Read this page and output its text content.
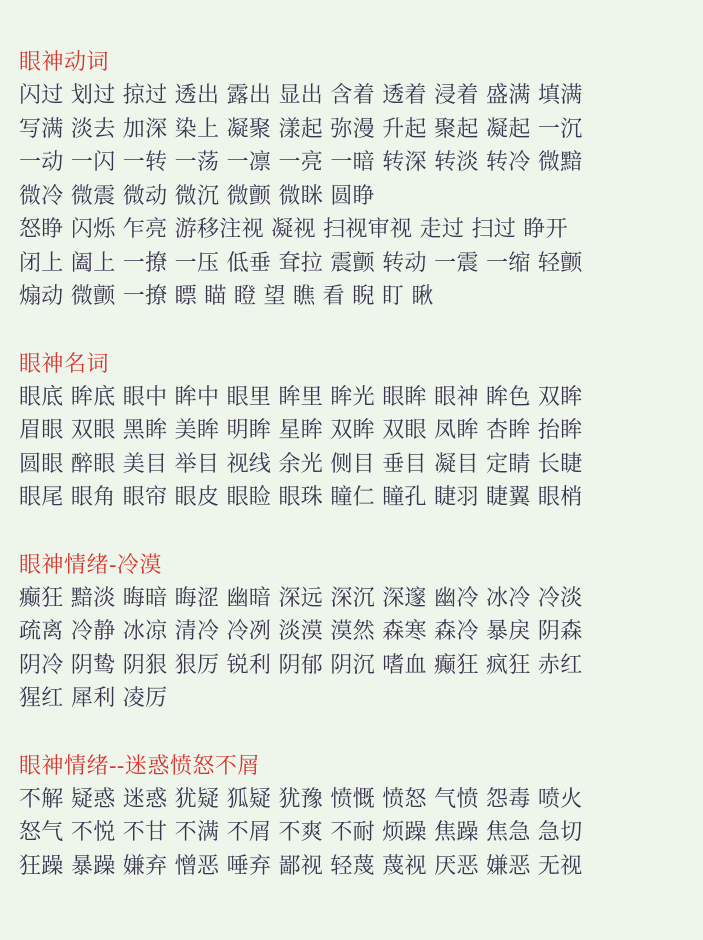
眼神动词
闪过 划过 掠过 透出 露出 显出 含着 透着 浸着 盛满 填满
写满 淡去 加深 染上 凝聚 漾起 弥漫 升起 聚起 凝起 一沉
一动 一闪 一转 一荡 一凛 一亮 一暗 转深 转淡 转冷 微黯
微冷 微震 微动 微沉 微颤 微眯 圆睁
怒睁 闪烁 乍亮 游移注视 凝视 扫视审视 走过 扫过 睁开
闭上 阖上 一撩 一压 低垂 耷拉 震颤 转动 一震 一缩 轻颤
煽动 微颤 一撩 瞟 瞄 瞪 望 瞧 看 睨 盯 瞅
眼神名词
眼底 眸底 眼中 眸中 眼里 眸里 眸光 眼眸 眼神 眸色 双眸
眉眼 双眼 黑眸 美眸 明眸 星眸 双眸 双眼 凤眸 杏眸 抬眸
圆眼 醉眼 美目 举目 视线 余光 侧目 垂目 凝目 定睛 长睫
眼尾 眼角 眼帘 眼皮 眼睑 眼珠 瞳仁 瞳孔 睫羽 睫翼 眼梢
眼神情绪-冷漠
癫狂 黯淡 晦暗 晦涩 幽暗 深远 深沉 深邃 幽冷 冰冷 冷淡
疏离 冷静 冰凉 清冷 冷冽 淡漠 漠然 森寒 森冷 暴戾 阴森
阴冷 阴鸷 阴狠 狠厉 锐利 阴郁 阴沉 嗜血 癫狂 疯狂 赤红
猩红 犀利 凌厉
眼神情绪--迷惑愤怒不屑
不解 疑惑 迷惑 犹疑 狐疑 犹豫 愤慨 愤怒 气愤 怨毒 喷火
怒气 不悦 不甘 不满 不屑 不爽 不耐 烦躁 焦躁 焦急 急切
狂躁 暴躁 嫌弃 憎恶 唾弃 鄙视 轻蔑 蔑视 厌恶 嫌恶 无视
